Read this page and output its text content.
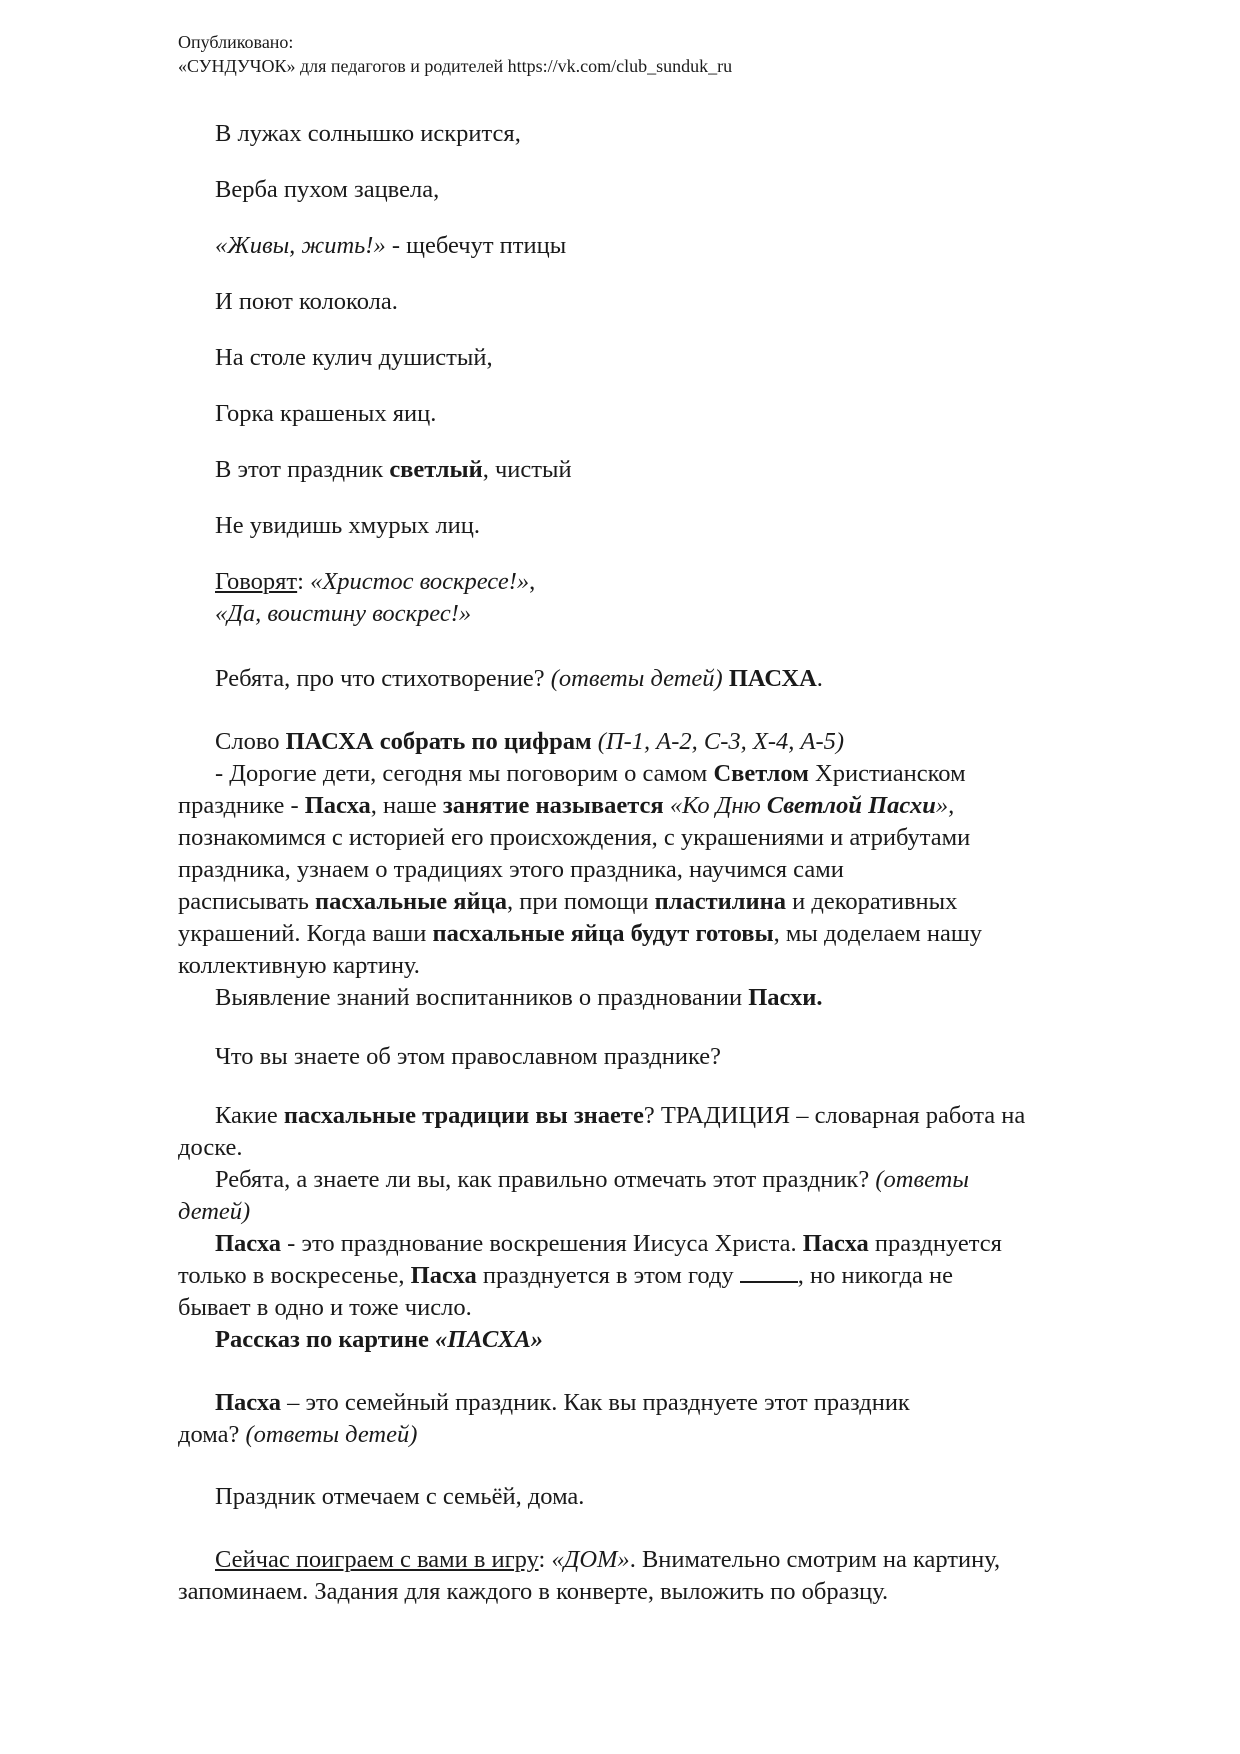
Опубликовано:
«СУНДУЧОК» для педагогов и родителей https://vk.com/club_sunduk_ru
В лужах солнышко искрится,
Верба пухом зацвела,
«Живы, жить!» - щебечут птицы
И поют колокола.
На столе кулич душистый,
Горка крашеных яиц.
В этот праздник светлый, чистый
Не увидишь хмурых лиц.
Говорят: «Христос воскресе!»,
«Да, воистину воскрес!»
Ребята, про что стихотворение? (ответы детей) ПАСХА.
Слово ПАСХА собрать по цифрам (П-1, А-2, С-3, Х-4, А-5)
- Дорогие дети, сегодня мы поговорим о самом Светлом Христианском
празднике - Пасха, наше занятие называется «Ко Дню Светлой Пасхи»,
познакомимся с историей его происхождения, с украшениями и атрибутами
праздника, узнаем о традициях этого праздника, научимся сами
расписывать пасхальные яйца, при помощи пластилина и декоративных
украшений. Когда ваши пасхальные яйца будут готовы, мы доделаем нашу
коллективную картину.
Выявление знаний воспитанников о праздновании Пасхи.
Что вы знаете об этом православном празднике?
Какие пасхальные традиции вы знаете? ТРАДИЦИЯ – словарная работа на
доске.
Ребята, а знаете ли вы, как правильно отмечать этот праздник? (ответы
детей)
Пасха - это празднование воскрешения Иисуса Христа. Пасха празднуется
только в воскресенье, Пасха празднуется в этом году , но никогда не
бывает в одно и тоже число.
Рассказ по картине «ПАСХА»
Пасха – это семейный праздник. Как вы празднуете этот праздник
дома? (ответы детей)
Праздник отмечаем с семьёй, дома.
Сейчас поиграем с вами в игру: «ДОМ». Внимательно смотрим на картину,
запоминаем. Задания для каждого в конверте, выложить по образцу.
